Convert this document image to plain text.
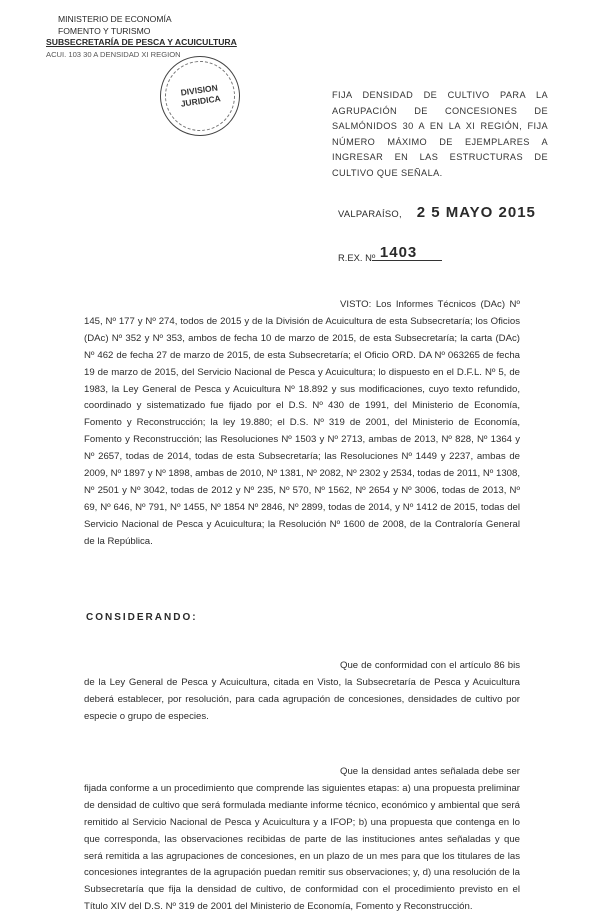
MINISTERIO DE ECONOMÍA
FOMENTO Y TURISMO
SUBSECRETARÍA DE PESCA Y ACUICULTURA
ACUI. 103 30 A DENSIDAD XI REGION
DIVISION
JURIDICA	FIJA DENSIDAD DE CULTIVO PARA LA AGRUPACIÓN DE CONCESIONES DE SALMÓNIDOS 30 A EN LA XI REGIÓN, FIJA NÚMERO MÁXIMO DE EJEMPLARES A INGRESAR EN LAS ESTRUCTURAS DE CULTIVO QUE SEÑALA.
VALPARAÍSO, 2 5 MAYO 2015
R.EX. Nº 1403
VISTO: Los Informes Técnicos (DAc) Nº 145, Nº 177 y Nº 274, todos de 2015 y de la División de Acuicultura de esta Subsecretaría; los Oficios (DAc) Nº 352 y Nº 353, ambos de fecha 10 de marzo de 2015, de esta Subsecretaría; la carta (DAc) Nº 462 de fecha 27 de marzo de 2015, de esta Subsecretaría; el Oficio ORD. DA Nº 063265 de fecha 19 de marzo de 2015, del Servicio Nacional de Pesca y Acuicultura; lo dispuesto en el D.F.L. Nº 5, de 1983, la Ley General de Pesca y Acuicultura Nº 18.892 y sus modificaciones, cuyo texto refundido, coordinado y sistematizado fue fijado por el D.S. Nº 430 de 1991, del Ministerio de Economía, Fomento y Reconstrucción; la ley 19.880; el D.S. Nº 319 de 2001, del Ministerio de Economía, Fomento y Reconstrucción; las Resoluciones Nº 1503 y Nº 2713, ambas de 2013, Nº 828, Nº 1364 y Nº 2657, todas de 2014, todas de esta Subsecretaría; las Resoluciones Nº 1449 y 2237, ambas de 2009, Nº 1897 y Nº 1898, ambas de 2010, Nº 1381, Nº 2082, Nº 2302 y 2534, todas de 2011, Nº 1308, Nº 2501 y Nº 3042, todas de 2012 y Nº 235, Nº 570, Nº 1562, Nº 2654 y Nº 3006, todas de 2013, Nº 69, Nº 646, Nº 791, Nº 1455, Nº 1854 Nº 2846, Nº 2899, todas de 2014, y Nº 1412 de 2015, todas del Servicio Nacional de Pesca y Acuicultura; la Resolución Nº 1600 de 2008, de la Contraloría General de la República.
CONSIDERANDO:
Que de conformidad con el artículo 86 bis de la Ley General de Pesca y Acuicultura, citada en Visto, la Subsecretaría de Pesca y Acuicultura deberá establecer, por resolución, para cada agrupación de concesiones, densidades de cultivo por especie o grupo de especies.
Que la densidad antes señalada debe ser fijada conforme a un procedimiento que comprende las siguientes etapas: a) una propuesta preliminar de densidad de cultivo que será formulada mediante informe técnico, económico y ambiental que será remitido al Servicio Nacional de Pesca y Acuicultura y a IFOP; b) una propuesta que contenga en lo que corresponda, las observaciones recibidas de parte de las instituciones antes señaladas y que será remitida a las agrupaciones de concesiones, en un plazo de un mes para que los titulares de las concesiones integrantes de la agrupación puedan remitir sus observaciones; y, d) una resolución de la Subsecretaría que fija la densidad de cultivo, de conformidad con el procedimiento previsto en el Título XIV del D.S. Nº 319 de 2001 del Ministerio de Economía, Fomento y Reconstrucción.
